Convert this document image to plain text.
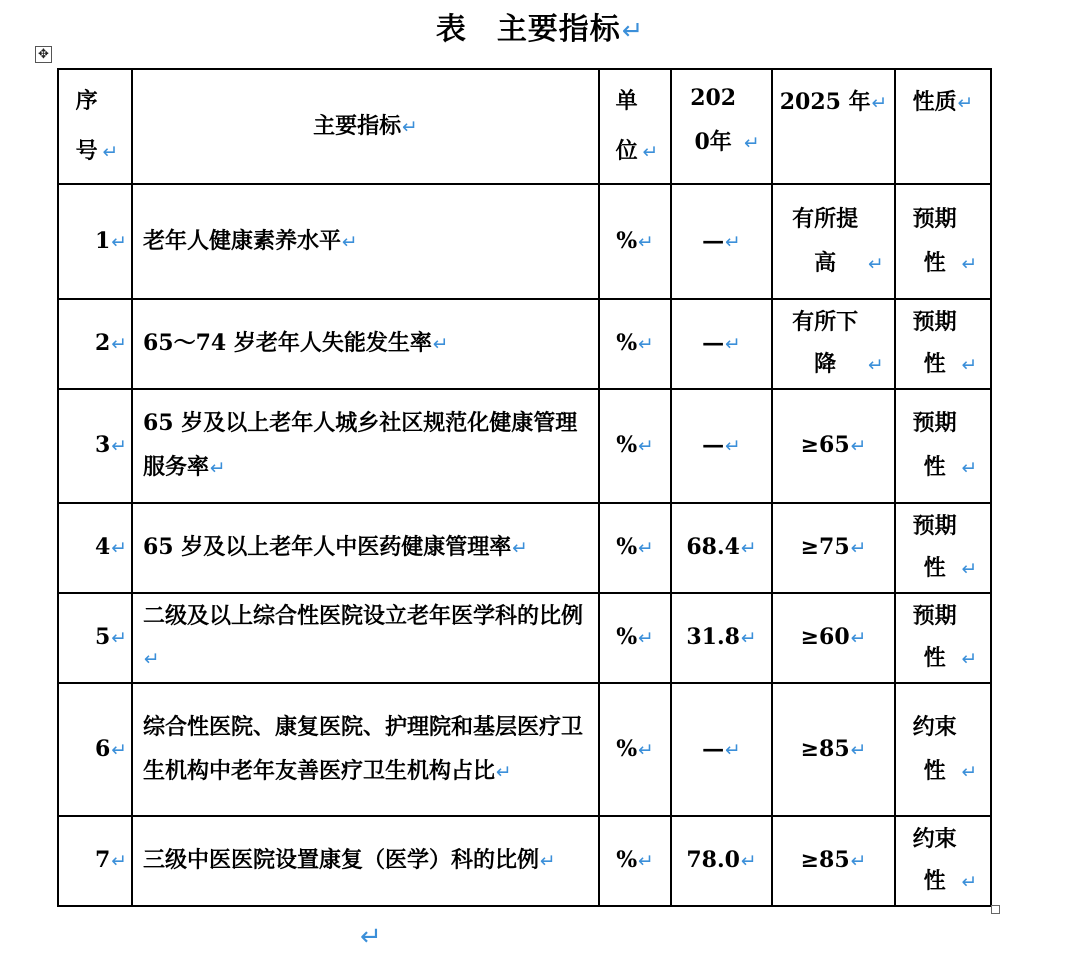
表 主要指标↵
✥
序号 ↵	主要指标↵	单位 ↵	2020年 ↵	2025 年↵	性质↵
1↵	老年人健康素养水平↵	%↵	—↵	有所提高 ↵	预期性 ↵
2↵	65～74 岁老年人失能发生率↵	%↵	—↵	有所下降 ↵	预期性 ↵
3↵	65 岁及以上老年人城乡社区规范化健康管理服务率↵	%↵	—↵	≥65↵	预期性 ↵
4↵	65 岁及以上老年人中医药健康管理率↵	%↵	68.4↵	≥75↵	预期性 ↵
5↵	二级及以上综合性医院设立老年医学科的比例↵	%↵	31.8↵	≥60↵	预期性 ↵
6↵	综合性医院、康复医院、护理院和基层医疗卫生机构中老年友善医疗卫生机构占比↵	%↵	—↵	≥85↵	约束性 ↵
7↵	三级中医医院设置康复（医学）科的比例↵	%↵	78.0↵	≥85↵	约束性 ↵
↵
